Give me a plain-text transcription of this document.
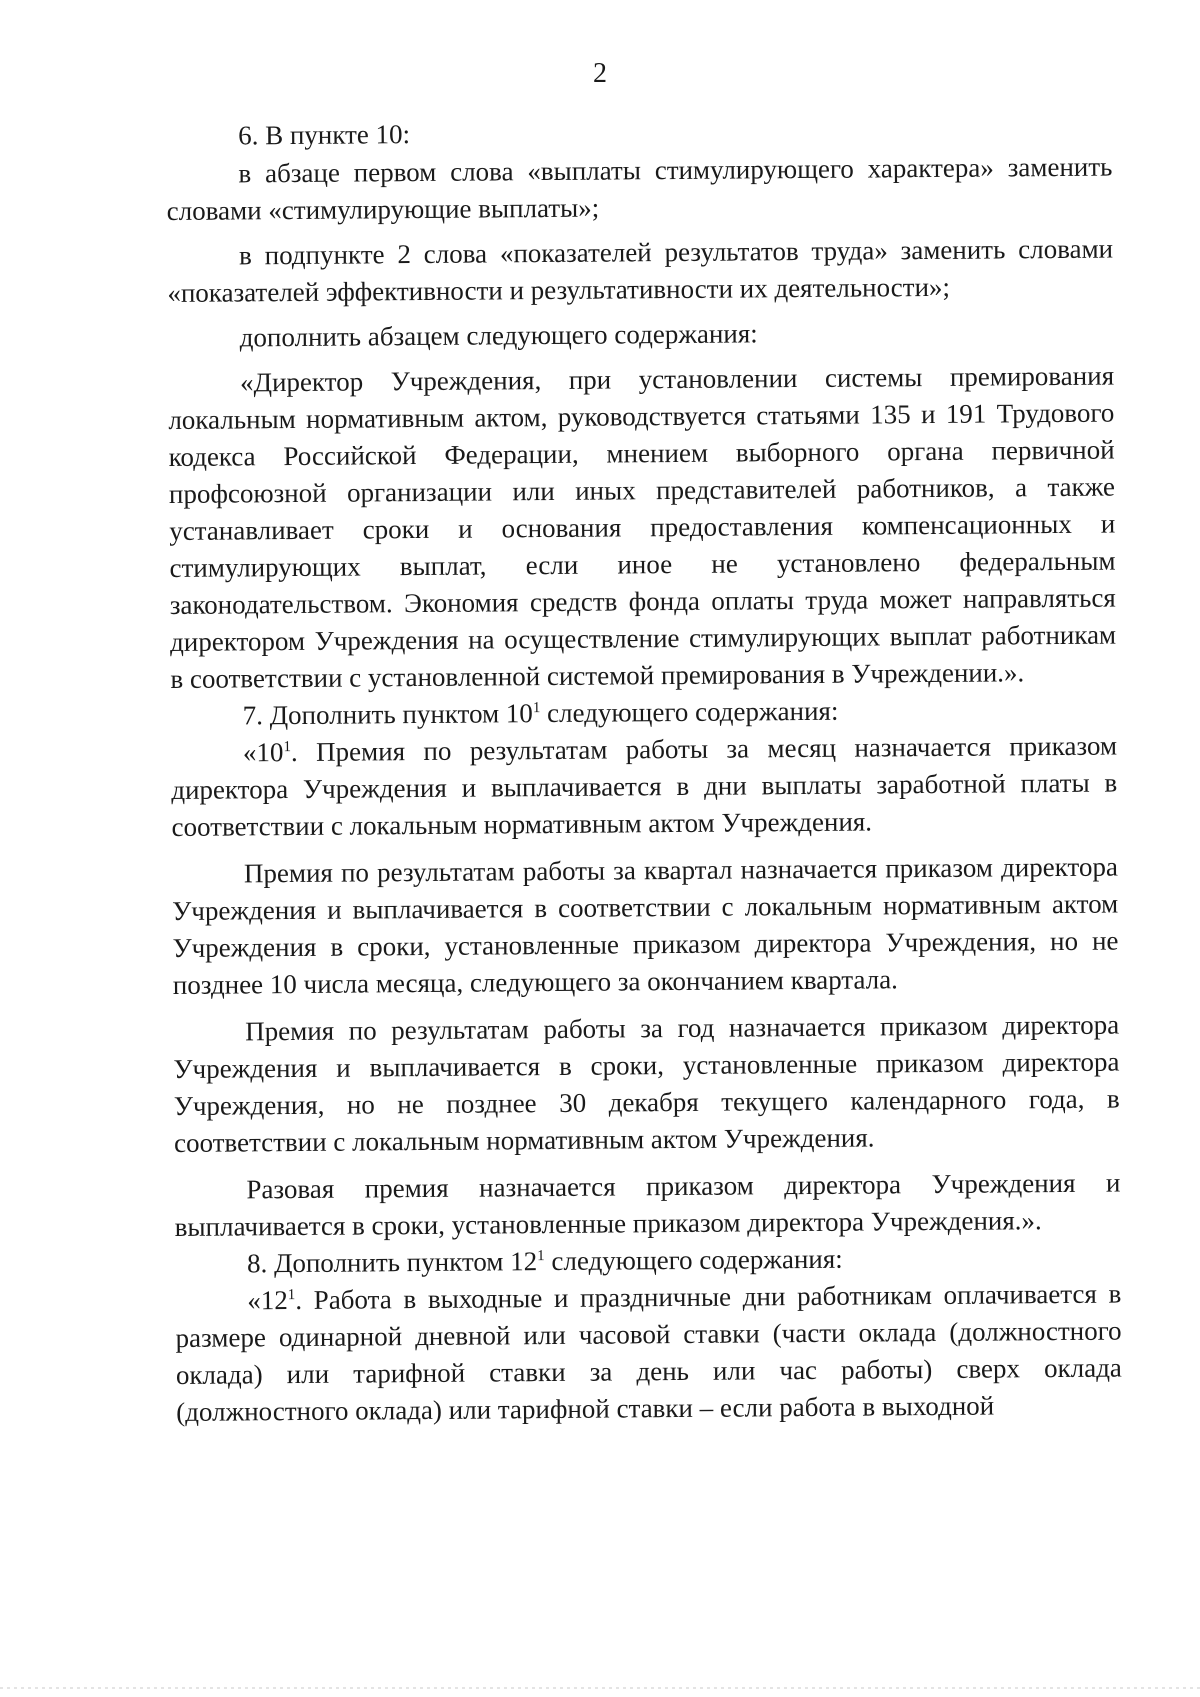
2

6. В пункте 10:

в абзаце первом слова «выплаты стимулирующего характера» заменить словами «стимулирующие выплаты»;

в подпункте 2 слова «показателей результатов труда» заменить словами «показателей эффективности и результативности их деятельности»;

дополнить абзацем следующего содержания:

«Директор Учреждения, при установлении системы премирования локальным нормативным актом, руководствуется статьями 135 и 191 Трудового кодекса Российской Федерации, мнением выборного органа первичной профсоюзной организации или иных представителей работников, а также устанавливает сроки и основания предоставления компенсационных и стимулирующих выплат, если иное не установлено федеральным законодательством. Экономия средств фонда оплаты труда может направляться директором Учреждения на осуществление стимулирующих выплат работникам в соответствии с установленной системой премирования в Учреждении.».

7. Дополнить пунктом $10^1$ следующего содержания:

«$10^1$. Премия по результатам работы за месяц назначается приказом директора Учреждения и выплачивается в дни выплаты заработной платы в соответствии с локальным нормативным актом Учреждения.

Премия по результатам работы за квартал назначается приказом директора Учреждения и выплачивается в соответствии с локальным нормативным актом Учреждения в сроки, установленные приказом директора Учреждения, но не позднее 10 числа месяца, следующего за окончанием квартала.

Премия по результатам работы за год назначается приказом директора Учреждения и выплачивается в сроки, установленные приказом директора Учреждения, но не позднее 30 декабря текущего календарного года, в соответствии с локальным нормативным актом Учреждения.

Разовая премия назначается приказом директора Учреждения и выплачивается в сроки, установленные приказом директора Учреждения.».

8. Дополнить пунктом $12^1$ следующего содержания:

«$12^1$. Работа в выходные и праздничные дни работникам оплачивается в размере одинарной дневной или часовой ставки (части оклада (должностного оклада) или тарифной ставки за день или час работы) сверх оклада (должностного оклада) или тарифной ставки – если работа в выходной
